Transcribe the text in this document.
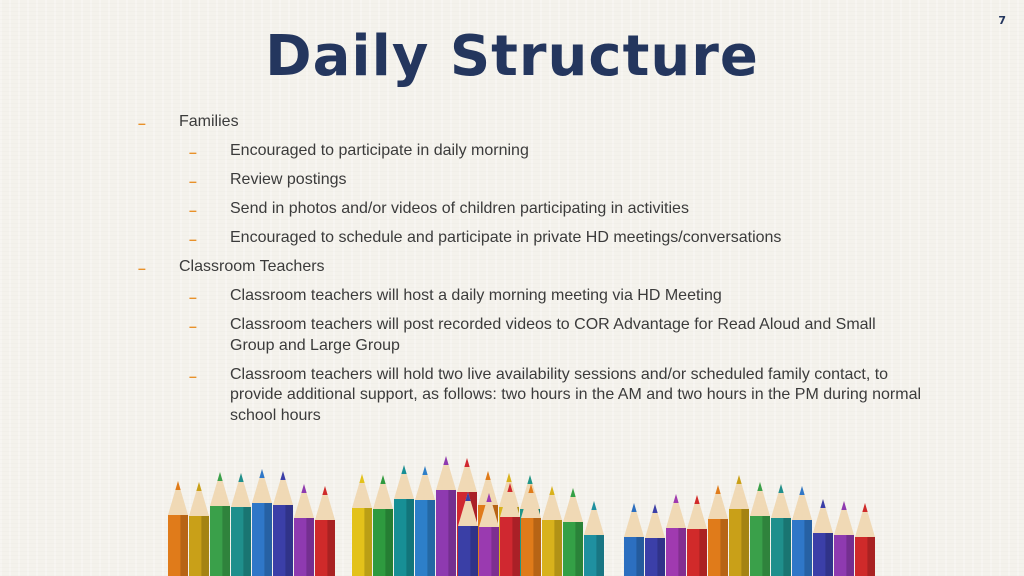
7
Daily Structure
– Families
– Encouraged to participate in daily morning
– Review postings
– Send in photos and/or videos of children participating in activities
– Encouraged to schedule and participate in private HD meetings/conversations
– Classroom Teachers
– Classroom teachers will host a daily morning meeting via HD Meeting
– Classroom teachers will post recorded videos to COR Advantage for Read Aloud and Small Group and Large Group
– Classroom teachers will hold two live availability sessions and/or scheduled family contact, to provide additional support, as follows: two hours in the AM and two hours in the PM during normal school hours
